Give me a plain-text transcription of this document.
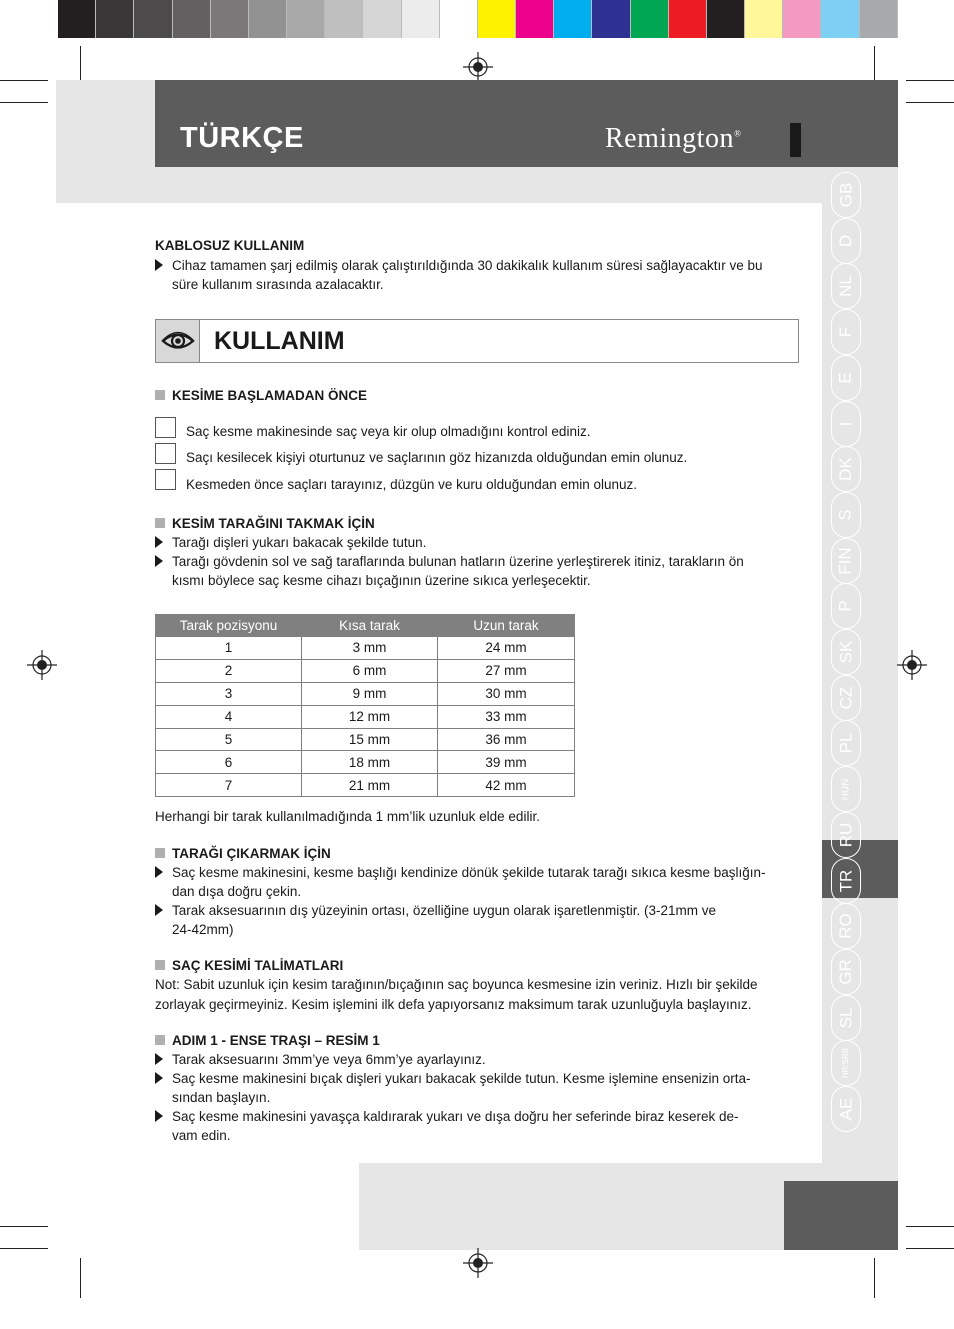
TÜRKÇE	Remington®
GB
D
NL
F
E
I
DK
S
FIN
P
SK
CZ
PL
HUN
RU
TR
RO
GR
SL
HR/SRB
AE
KABLOSUZ KULLANIM
Cihaz tamamen şarj edilmiş olarak çalıştırıldığında 30 dakikalık kullanım süresi sağlayacaktır ve bu
süre kullanım sırasında azalacaktır.
KULLANIM
KESİME BAŞLAMADAN ÖNCE
Saç kesme makinesinde saç veya kir olup olmadığını kontrol ediniz.
Saçı kesilecek kişiyi oturtunuz ve saçlarının göz hizanızda olduğundan emin olunuz.
Kesmeden önce saçları tarayınız, düzgün ve kuru olduğundan emin olunuz.
KESİM TARAĞINI TAKMAK İÇİN
Tarağı dişleri yukarı bakacak şekilde tutun.
Tarağı gövdenin sol ve sağ taraflarında bulunan hatların üzerine yerleştirerek itiniz, tarakların ön
kısmı böylece saç kesme cihazı bıçağının üzerine sıkıca yerleşecektir.
Tarak pozisyonu	Kısa tarak	Uzun tarak
1	3 mm	24 mm
2	6 mm	27 mm
3	9 mm	30 mm
4	12 mm	33 mm
5	15 mm	36 mm
6	18 mm	39 mm
7	21 mm	42 mm
Herhangi bir tarak kullanılmadığında 1 mm’lik uzunluk elde edilir.
TARAĞI ÇIKARMAK İÇİN
Saç kesme makinesini, kesme başlığı kendinize dönük şekilde tutarak tarağı sıkıca kesme başlığın-
dan dışa doğru çekin.
Tarak aksesuarının dış yüzeyinin ortası, özelliğine uygun olarak işaretlenmiştir. (3-21mm ve
24-42mm)
SAÇ KESİMİ TALİMATLARI
Not: Sabit uzunluk için kesim tarağının/bıçağının saç boyunca kesmesine izin veriniz. Hızlı bir şekilde
zorlayak geçirmeyiniz. Kesim işlemini ilk defa yapıyorsanız maksimum tarak uzunluğuyla başlayınız.
ADIM 1 - ENSE TRAŞI – RESİM 1
Tarak aksesuarını 3mm’ye veya 6mm’ye ayarlayınız.
Saç kesme makinesini bıçak dişleri yukarı bakacak şekilde tutun. Kesme işlemine ensenizin orta-
sından başlayın.
Saç kesme makinesini yavaşça kaldırarak yukarı ve dışa doğru her seferinde biraz keserek de-
vam edin.
